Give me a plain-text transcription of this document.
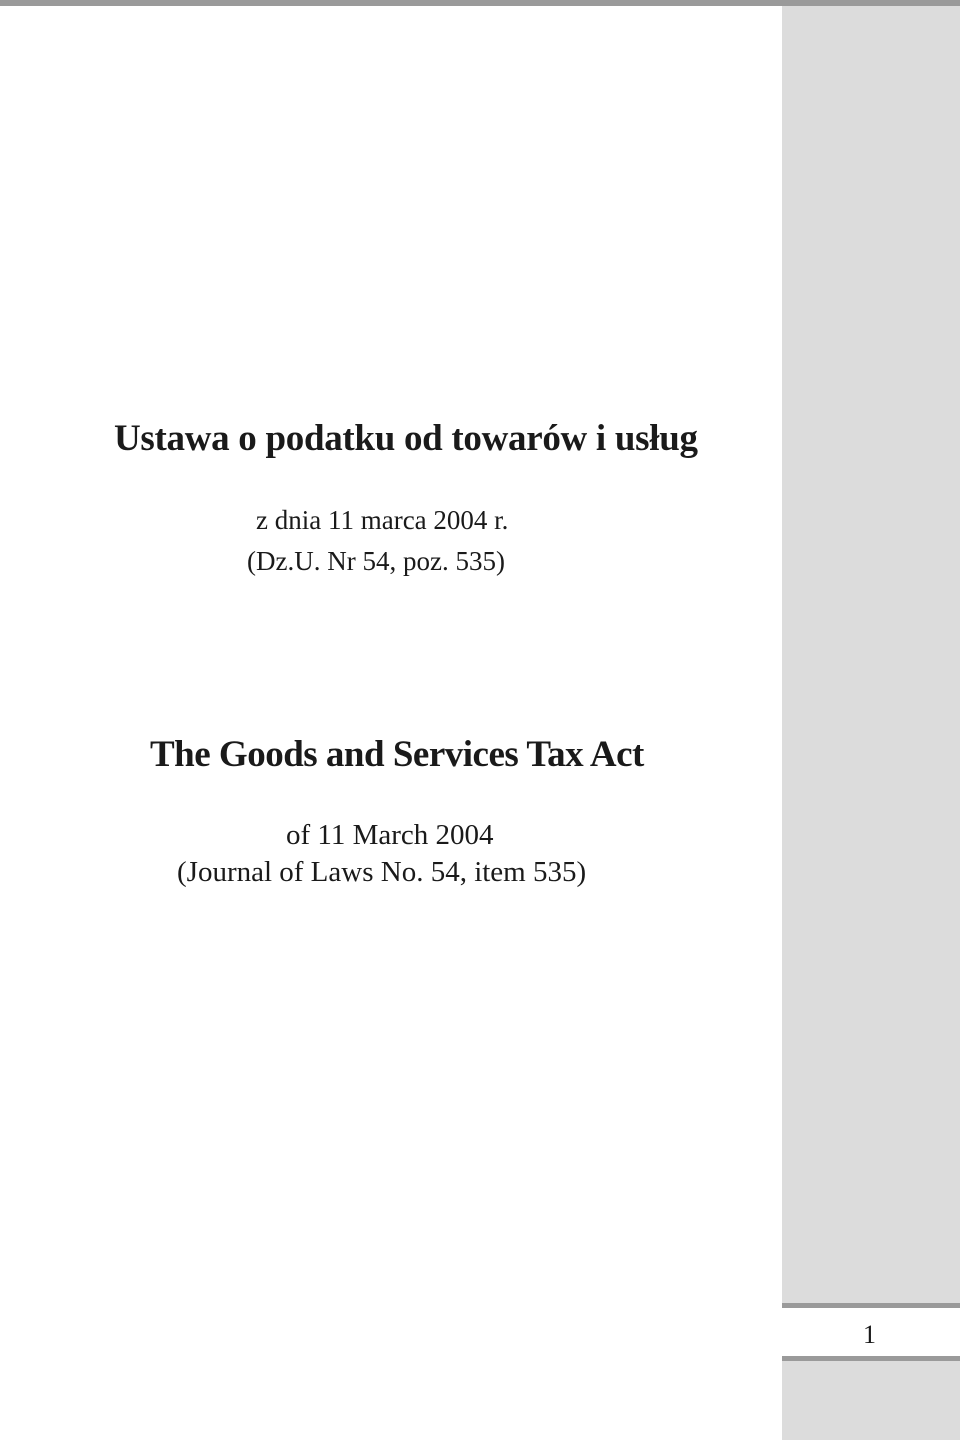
Ustawa o podatku od towarów i usług
z dnia 11 marca 2004 r.
(Dz.U. Nr 54, poz. 535)
The Goods and Services Tax Act
of 11 March 2004
(Journal of Laws No. 54, item 535)
1
